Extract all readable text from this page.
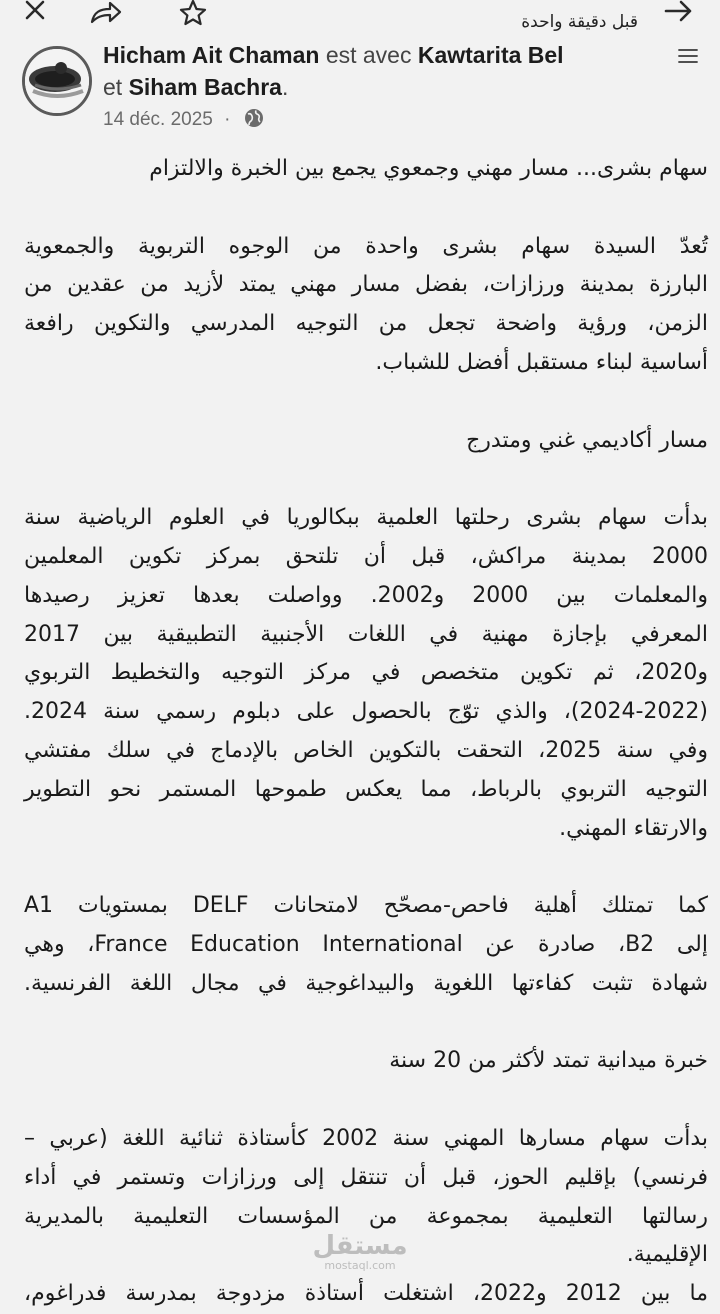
قبل دقيقة واحدة
Hicham Ait Chaman est avec Kawtarita Bel
et Siham Bachra.
14 déc. 2025 ·
سهام بشرى... مسار مهني وجمعوي يجمع بين الخبرة والالتزام
تُعدّ السيدة سهام بشرى واحدة من الوجوه التربوية والجمعوية
البارزة بمدينة ورزازات، بفضل مسار مهني يمتد لأزيد من عقدين من
الزمن، ورؤية واضحة تجعل من التوجيه المدرسي والتكوين رافعة
أساسية لبناء مستقبل أفضل للشباب.
مسار أكاديمي غني ومتدرج
بدأت سهام بشرى رحلتها العلمية ببكالوريا في العلوم الرياضية سنة
2000 بمدينة مراكش، قبل أن تلتحق بمركز تكوين المعلمين
والمعلمات بين 2000 و2002. وواصلت بعدها تعزيز رصيدها
المعرفي بإجازة مهنية في اللغات الأجنبية التطبيقية بين 2017
و2020، ثم تكوين متخصص في مركز التوجيه والتخطيط التربوي
(2024-2022)، والذي توّج بالحصول على دبلوم رسمي سنة 2024.
وفي سنة 2025، التحقت بالتكوين الخاص بالإدماج في سلك مفتشي
التوجيه التربوي بالرباط، مما يعكس طموحها المستمر نحو التطوير
والارتقاء المهني.
كما تمتلك أهلية فاحص-مصحّح لامتحانات DELF بمستويات A1
إلى B2، صادرة عن France Education International، وهي
شهادة تثبت كفاءتها اللغوية والبيداغوجية في مجال اللغة الفرنسية.
خبرة ميدانية تمتد لأكثر من 20 سنة
بدأت سهام مسارها المهني سنة 2002 كأستاذة ثنائية اللغة (عربي –
فرنسي) بإقليم الحوز، قبل أن تنتقل إلى ورزازات وتستمر في أداء
رسالتها التعليمية بمجموعة من المؤسسات التعليمية بالمديرية
الإقليمية.
ما بين 2012 و2022، اشتغلت أستاذة مزدوجة بمدرسة فدراغوم،
مستقل
mostaql.com
